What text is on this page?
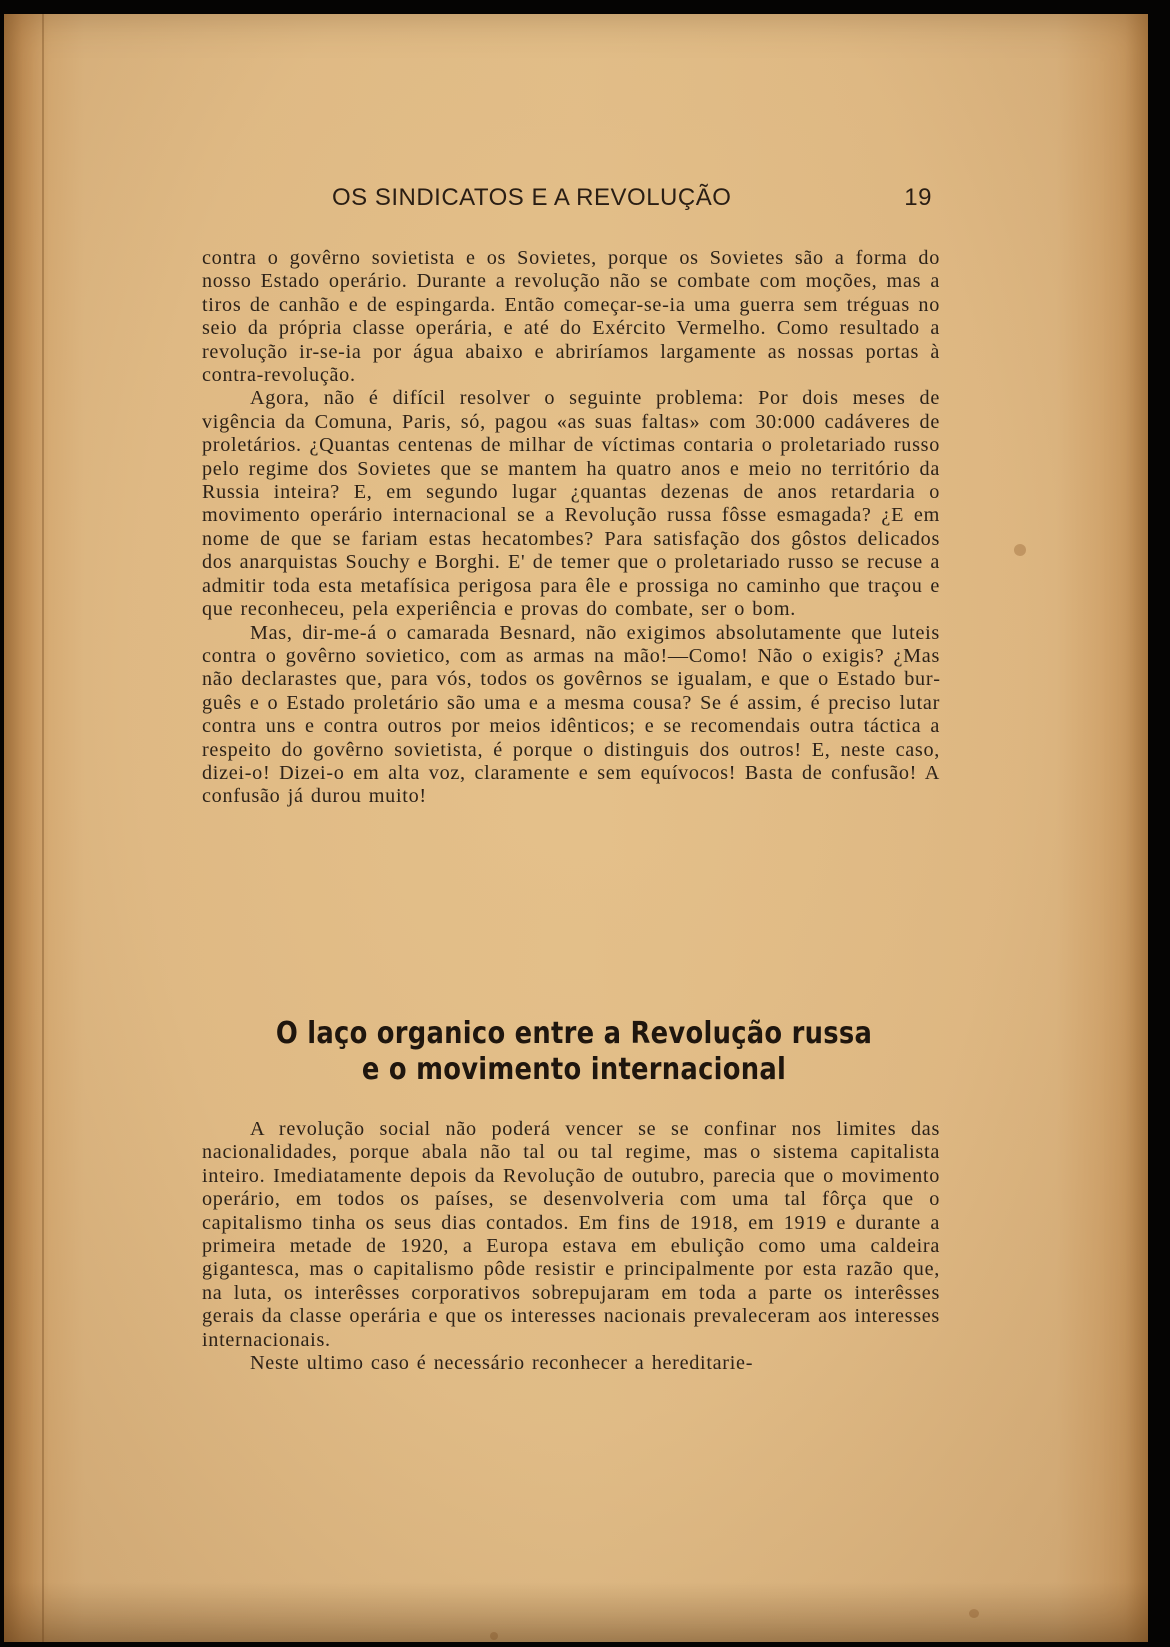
OS SINDICATOS E A REVOLUÇÃO	19

contra o govêrno sovietista e os Sovietes, porque os Sovietes são a forma do nosso Estado operário. Durante a revolução não se combate com moções, mas a tiros de canhão e de espingarda. Então começar-se-ia uma guerra sem tréguas no seio da própria classe operária, e até do Exército Vermelho. Como resultado a revolução ir-se-ia por água abaixo e abriríamos largamente as nossas portas à contra-revolução.

Agora, não é difícil resolver o seguinte problema: Por dois meses de vigência da Comuna, Paris, só, pagou «as suas faltas» com 30:000 cadáveres de proletários. ¿Quantas centenas de milhar de víctimas contaria o proletariado russo pelo regime dos Sovietes que se mantem ha quatro anos e meio no território da Russia inteira? E, em segundo lugar ¿quantas dezenas de anos retardaria o movimento operário internacional se a Revolução russa fôsse esmagada? ¿E em nome de que se fariam estas hecatombes? Para satisfação dos gôstos delicados dos anarquistas Souchy e Borghi. E' de temer que o proletariado russo se recuse a admitir toda esta metafísica perigosa para êle e prossiga no caminho que traçou e que reconheceu, pela experiência e provas do combate, ser o bom.

Mas, dir-me-á o camarada Besnard, não exigimos absolutamente que luteis contra o govêrno sovietico, com as armas na mão!—Como! Não o exigis? ¿Mas não declarastes que, para vós, todos os govêrnos se igualam, e que o Estado burguês e o Estado proletário são uma e a mesma cousa? Se é assim, é preciso lutar contra uns e contra outros por meios idênticos; e se recomendais outra táctica a respeito do govêrno sovietista, é porque o distinguis dos outros! E, neste caso, dizei-o! Dizei-o em alta voz, claramente e sem equívocos! Basta de confusão! A confusão já durou muito!

O laço organico entre a Revolução russa
e o movimento internacional

A revolução social não poderá vencer se se confinar nos limites das nacionalidades, porque abala não tal ou tal regime, mas o sistema capitalista inteiro. Imediatamente depois da Revolução de outubro, parecia que o movimento operário, em todos os países, se desenvolveria com uma tal fôrça que o capitalismo tinha os seus dias contados. Em fins de 1918, em 1919 e durante a primeira metade de 1920, a Europa estava em ebulição como uma caldeira gigantesca, mas o capitalismo pôde resistir e principalmente por esta razão que, na luta, os interêsses corporativos sobrepujaram em toda a parte os interêsses gerais da classe operária e que os interesses nacionais prevaleceram aos interesses internacionais.

Neste ultimo caso é necessário reconhecer a hereditarie-
